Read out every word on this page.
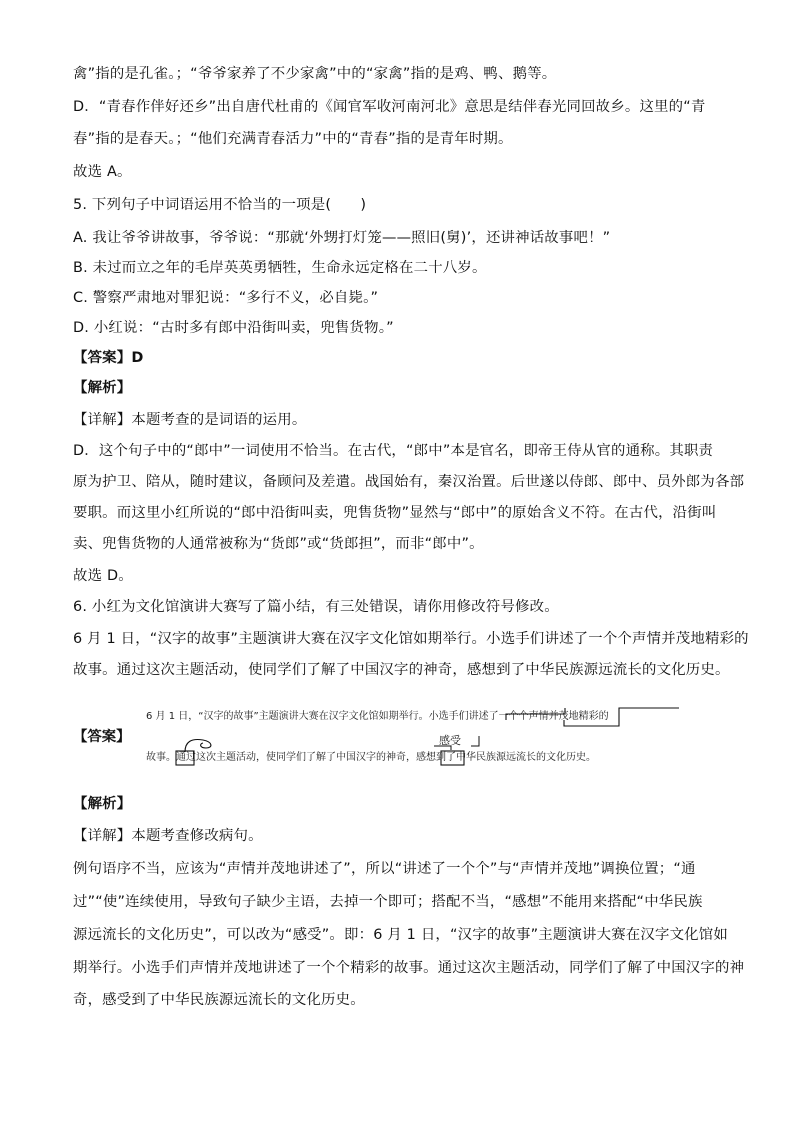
禽”指的是孔雀。；“爷爷家养了不少家禽”中的“家禽”指的是鸡、鸭、鹅等。
D．“青春作伴好还乡”出自唐代杜甫的《闻官军收河南河北》意思是结伴春光同回故乡。这里的“青
春”指的是春天。；“他们充满青春活力”中的“青春”指的是青年时期。
故选 A。
5. 下列句子中词语运用不恰当的一项是(　　)
A. 我让爷爷讲故事，爷爷说：“那就‘外甥打灯笼——照旧(舅)’，还讲神话故事吧！”
B. 未过而立之年的毛岸英英勇牺牲，生命永远定格在二十八岁。
C. 警察严肃地对罪犯说：“多行不义，必自毙。”
D. 小红说：“古时多有郎中沿街叫卖，兜售货物。”
【答案】D
【解析】
【详解】本题考查的是词语的运用。
D．这个句子中的“郎中”一词使用不恰当。在古代，“郎中”本是官名，即帝王侍从官的通称。其职责
原为护卫、陪从，随时建议，备顾问及差遣。战国始有，秦汉治置。后世遂以侍郎、郎中、员外郎为各部
要职。而这里小红所说的“郎中沿街叫卖，兜售货物”显然与“郎中”的原始含义不符。在古代，沿街叫
卖、兜售货物的人通常被称为“货郎”或“货郎担”，而非“郎中”。
故选 D。
6. 小红为文化馆演讲大赛写了篇小结，有三处错误，请你用修改符号修改。
6 月 1 日，“汉字的故事”主题演讲大赛在汉字文化馆如期举行。小选手们讲述了一个个声情并茂地精彩的
故事。通过这次主题活动，使同学们了解了中国汉字的神奇，感想到了中华民族源远流长的文化历史。
【答案】
6 月 1 日，“汉字的故事”主题演讲大赛在汉字文化馆如期举行。小选手们讲述了一个个声情并茂地精彩的
故事。通过这次主题活动，使同学们了解了中国汉字的神奇，感想到了中华民族源远流长的文化历史。
感受
【解析】
【详解】本题考查修改病句。
例句语序不当，应该为“声情并茂地讲述了”，所以“讲述了一个个”与“声情并茂地”调换位置；“通
过”“使”连续使用，导致句子缺少主语，去掉一个即可；搭配不当，“感想”不能用来搭配“中华民族
源远流长的文化历史”，可以改为“感受”。即：6 月 1 日，“汉字的故事”主题演讲大赛在汉字文化馆如
期举行。小选手们声情并茂地讲述了一个个精彩的故事。通过这次主题活动，同学们了解了中国汉字的神
奇，感受到了中华民族源远流长的文化历史。
